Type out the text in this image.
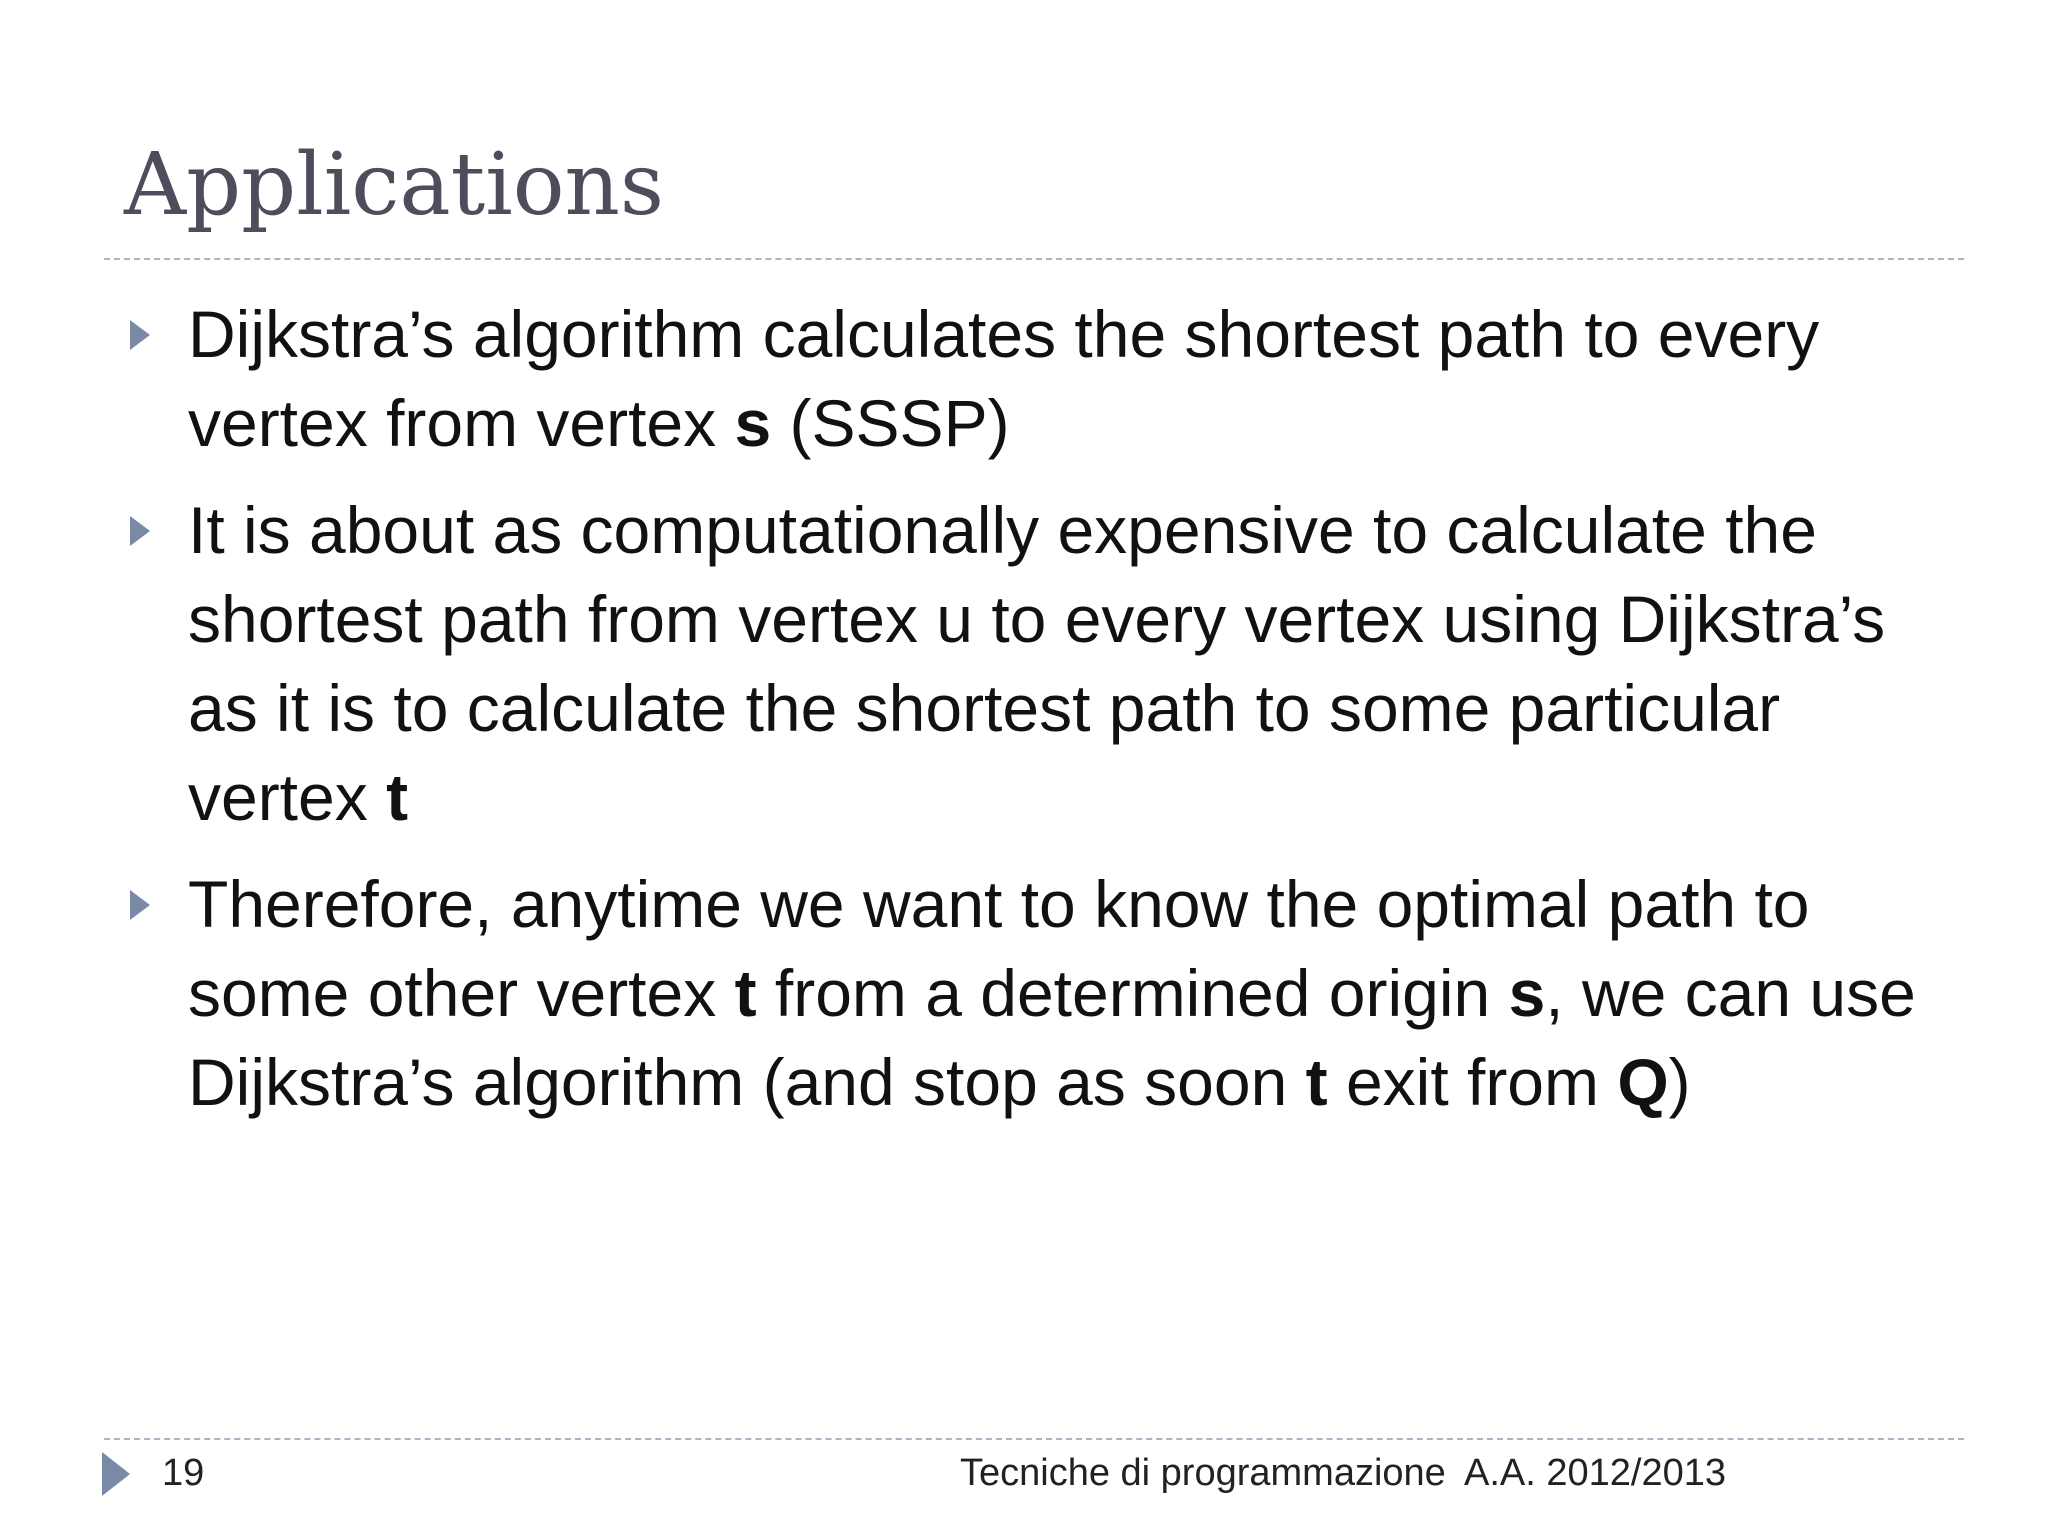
Applications
Dijkstra’s algorithm calculates the shortest path to every vertex from vertex s (SSSP)
It is about as computationally expensive to calculate the shortest path from vertex u to every vertex using Dijkstra’s as it is to calculate the shortest path to some particular vertex t
Therefore, anytime we want to know the optimal path to some other vertex t from a determined origin s, we can use Dijkstra’s algorithm (and stop as soon t exit from Q)
19	Tecniche di programmazione A.A. 2012/2013
